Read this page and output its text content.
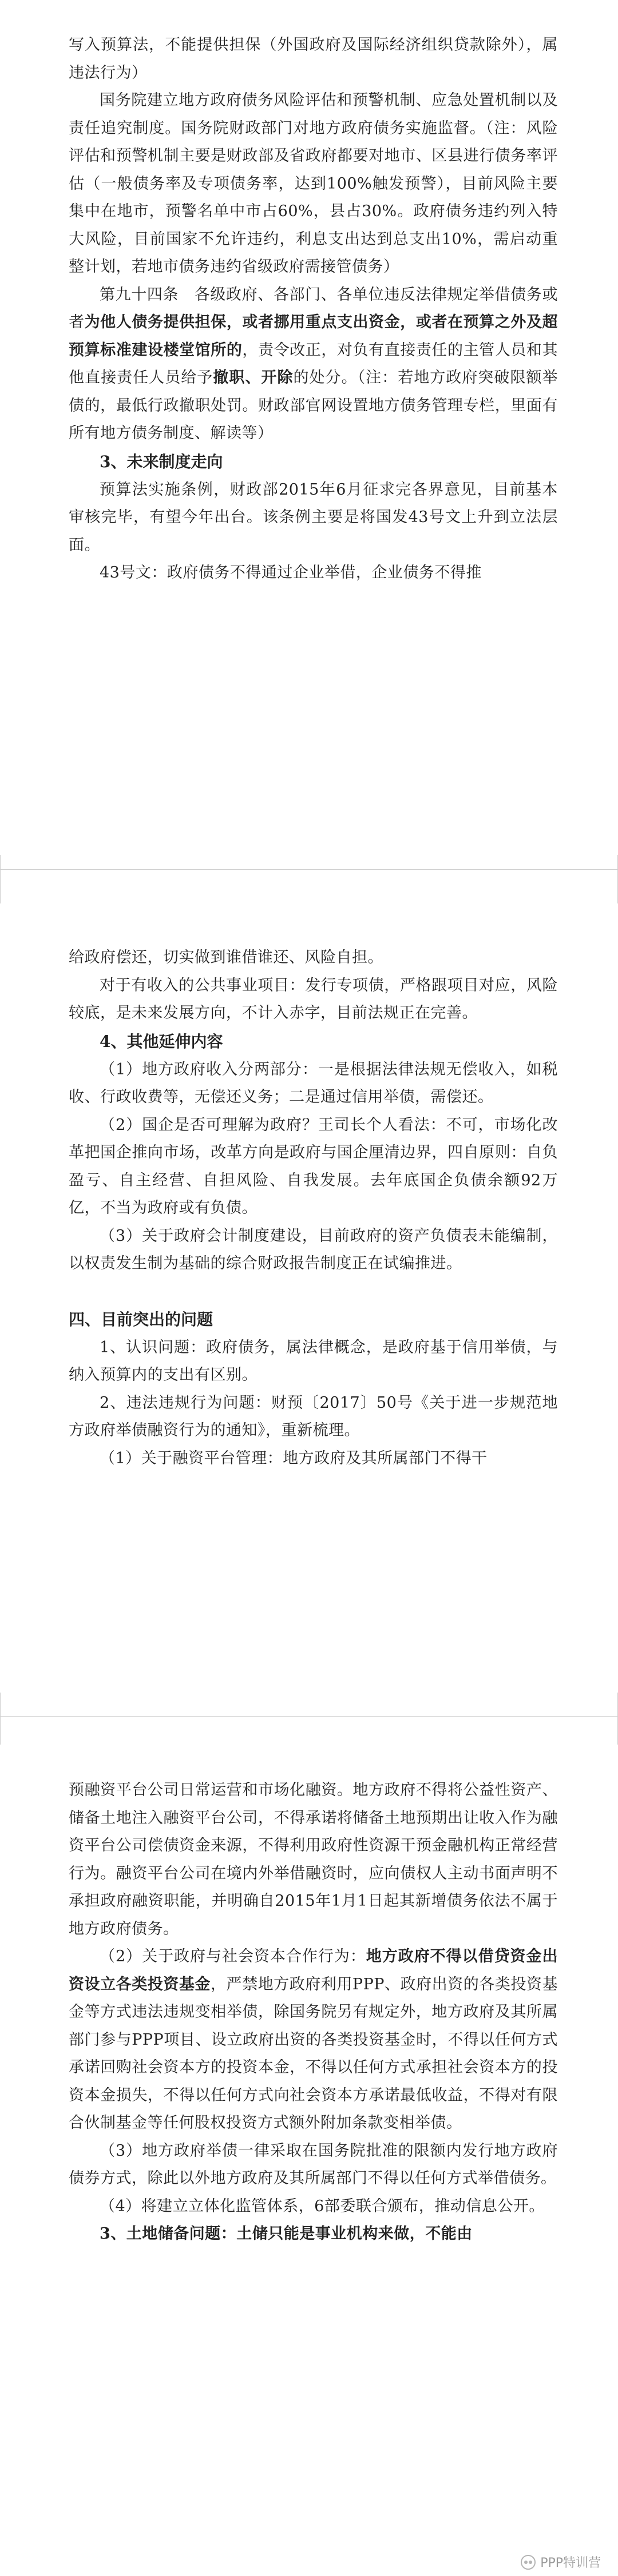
写入预算法，不能提供担保（外国政府及国际经济组织贷款除外），属违法行为）

国务院建立地方政府债务风险评估和预警机制、应急处置机制以及责任追究制度。国务院财政部门对地方政府债务实施监督。（注：风险评估和预警机制主要是财政部及省政府都要对地市、区县进行债务率评估（一般债务率及专项债务率，达到100%触发预警），目前风险主要集中在地市，预警名单中市占60%，县占30%。政府债务违约列入特大风险，目前国家不允许违约，利息支出达到总支出10%，需启动重整计划，若地市债务违约省级政府需接管债务）

第九十四条　各级政府、各部门、各单位违反法律规定举借债务或者为他人债务提供担保，或者挪用重点支出资金，或者在预算之外及超预算标准建设楼堂馆所的，责令改正，对负有直接责任的主管人员和其他直接责任人员给予撤职、开除的处分。（注：若地方政府突破限额举债的，最低行政撤职处罚。财政部官网设置地方债务管理专栏，里面有所有地方债务制度、解读等）

3、未来制度走向

预算法实施条例，财政部2015年6月征求完各界意见，目前基本审核完毕，有望今年出台。该条例主要是将国发43号文上升到立法层面。

43号文：政府债务不得通过企业举借，企业债务不得推

给政府偿还，切实做到谁借谁还、风险自担。

对于有收入的公共事业项目：发行专项债，严格跟项目对应，风险较底，是未来发展方向，不计入赤字，目前法规正在完善。

4、其他延伸内容

（1）地方政府收入分两部分：一是根据法律法规无偿收入，如税收、行政收费等，无偿还义务；二是通过信用举债，需偿还。

（2）国企是否可理解为政府？王司长个人看法：不可，市场化改革把国企推向市场，改革方向是政府与国企厘清边界，四自原则：自负盈亏、自主经营、自担风险、自我发展。去年底国企负债余额92万亿，不当为政府或有负债。

（3）关于政府会计制度建设，目前政府的资产负债表未能编制，以权责发生制为基础的综合财政报告制度正在试编推进。

四、目前突出的问题

1、认识问题：政府债务，属法律概念，是政府基于信用举债，与纳入预算内的支出有区别。

2、违法违规行为问题：财预〔2017〕50号《关于进一步规范地方政府举债融资行为的通知》，重新梳理。

（1）关于融资平台管理：地方政府及其所属部门不得干

预融资平台公司日常运营和市场化融资。地方政府不得将公益性资产、储备土地注入融资平台公司，不得承诺将储备土地预期出让收入作为融资平台公司偿债资金来源，不得利用政府性资源干预金融机构正常经营行为。融资平台公司在境内外举借融资时，应向债权人主动书面声明不承担政府融资职能，并明确自2015年1月1日起其新增债务依法不属于地方政府债务。

（2）关于政府与社会资本合作行为：地方政府不得以借贷资金出资设立各类投资基金，严禁地方政府利用PPP、政府出资的各类投资基金等方式违法违规变相举债，除国务院另有规定外，地方政府及其所属部门参与PPP项目、设立政府出资的各类投资基金时，不得以任何方式承诺回购社会资本方的投资本金，不得以任何方式承担社会资本方的投资本金损失，不得以任何方式向社会资本方承诺最低收益，不得对有限合伙制基金等任何股权投资方式额外附加条款变相举债。

（3）地方政府举债一律采取在国务院批准的限额内发行地方政府债券方式，除此以外地方政府及其所属部门不得以任何方式举借债务。

（4）将建立立体化监管体系，6部委联合颁布，推动信息公开。

3、土地储备问题：土储只能是事业机构来做，不能由

PPP特训营
